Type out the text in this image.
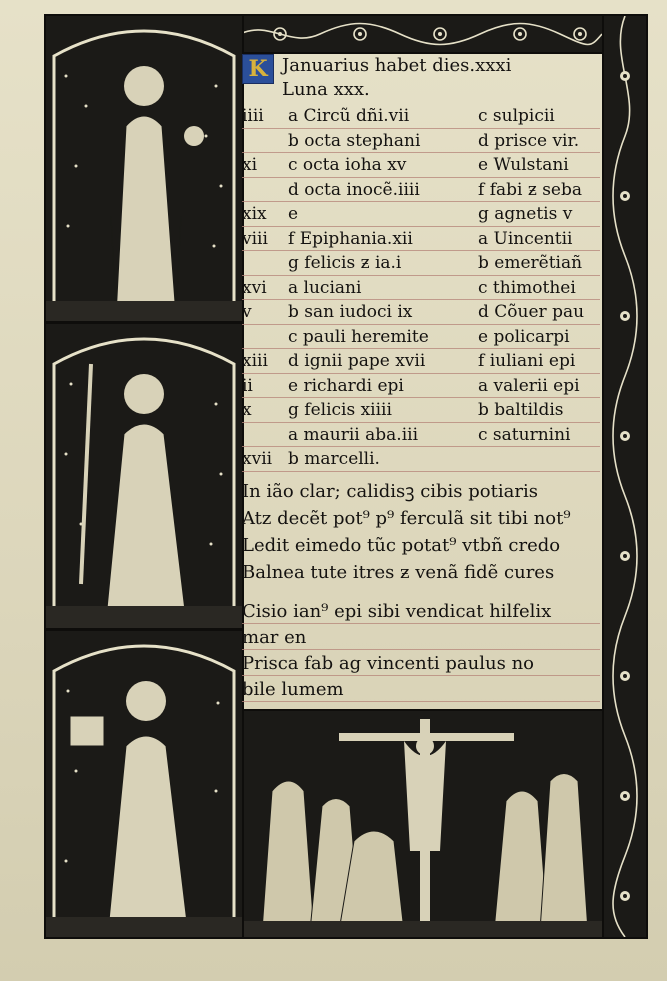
K Januarius habet dies.xxxi
Luna xxx.
iiii	a Circũ dñi.vii	c sulpicii
b octa stephani	d prisce vir.
xi	c octa ioha xv	e Wulstani
d octa inocẽ.iiii	f fabi ƶ seba
xix	e	g agnetis v
viii	f Epiphania.xii	a Uincentii
g felicis ƶ ia.i	b emerẽtiañ
xvi	a luciani	c thimothei
v	b san iudoci ix	d Cõuer pau
c pauli heremite	e policarpi
xiii	d ignii pape xvii	f iuliani epi
ii	e richardi epi	a valerii epi
x	g felicis xiiii	b baltildis
a maurii aba.iii	c saturnini
xvii b marcelli.
In ião clar; calidisꝫ cibis potiaris
Atz decẽt pot⁹ p⁹ ferculã sit tibi not⁹
Ledit eimedo tũc potat⁹ vtbñ credo
Balnea tute itres ƶ venã fidẽ cures
Cisio ian⁹ epi sibi vendicat hilfelix
mar en
Prisca fab ag vincenti paulus no
bile lumem
